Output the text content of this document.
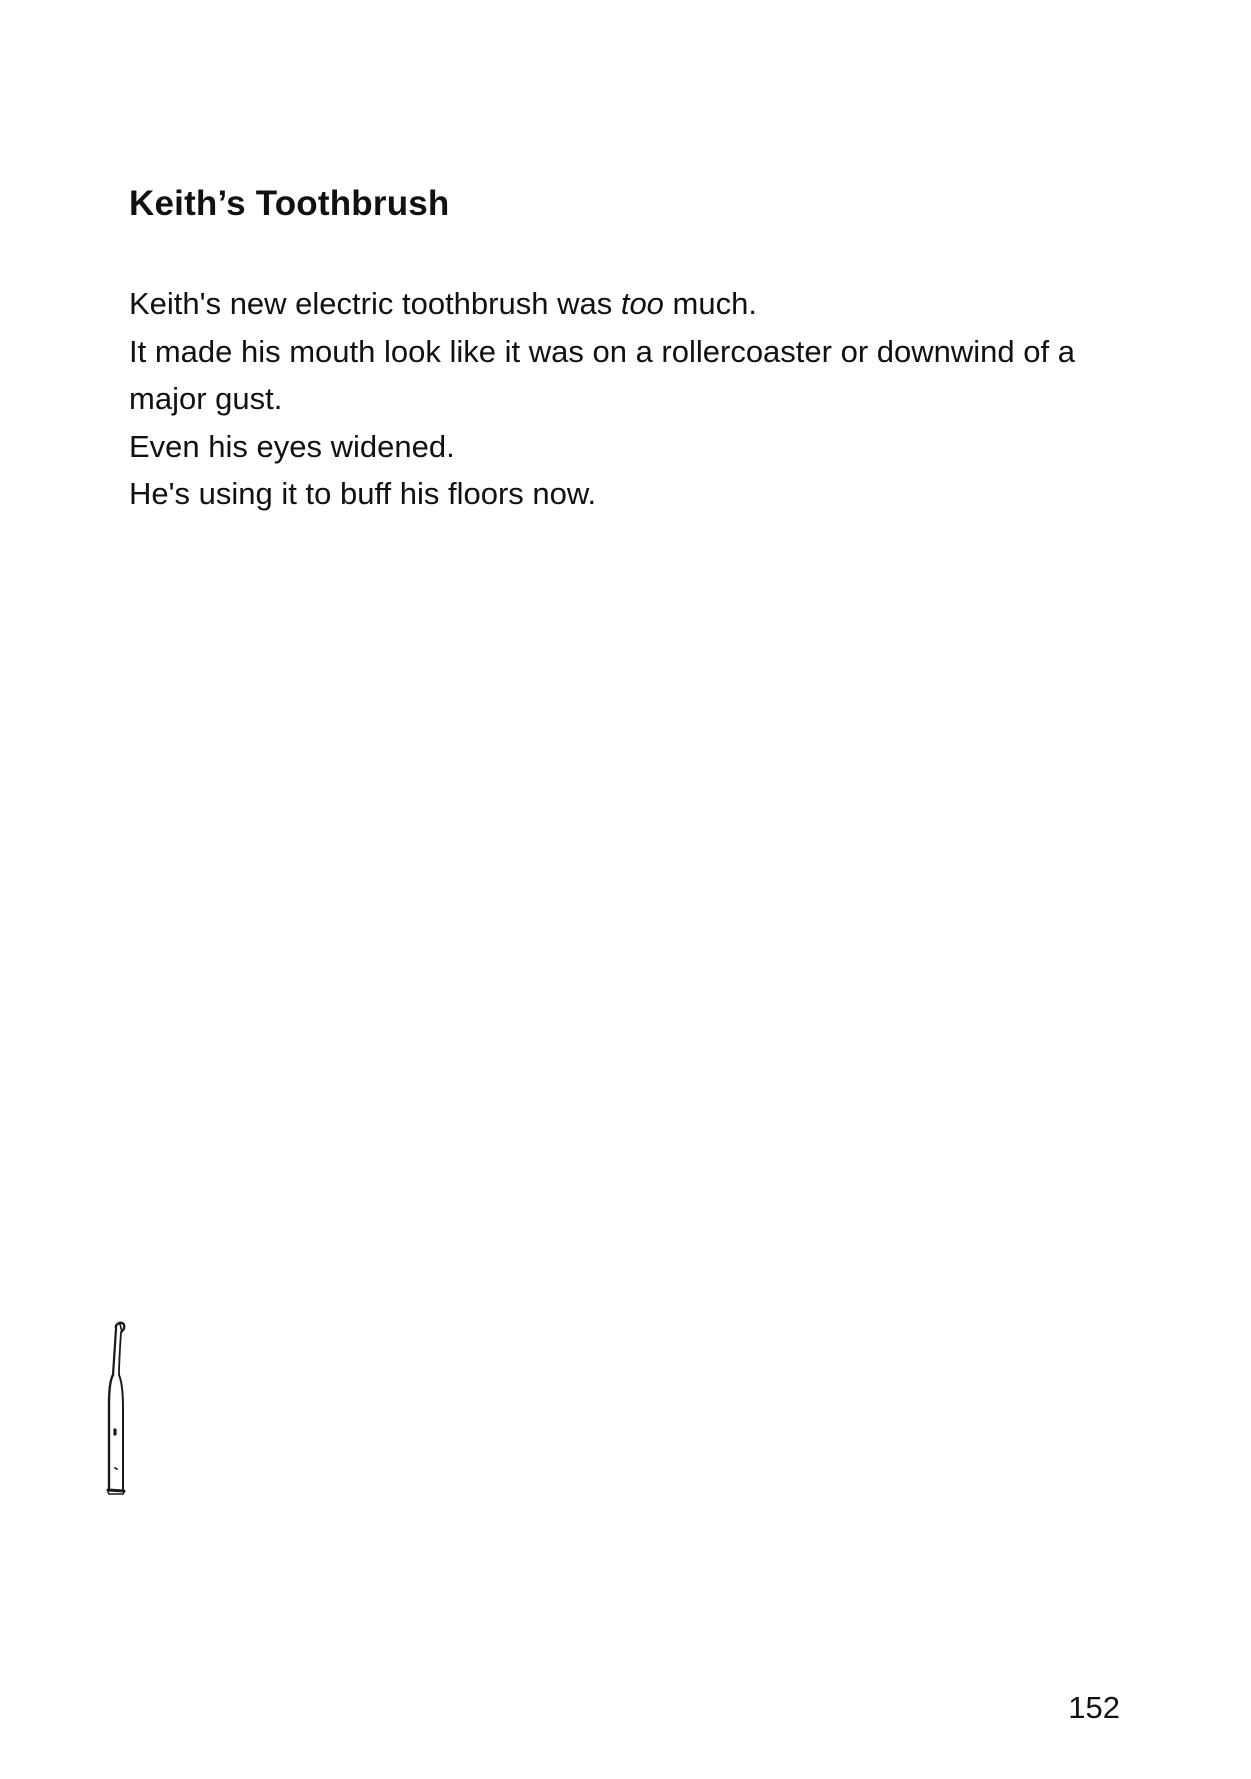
Keith’s Toothbrush

Keith's new electric toothbrush was too much.

It made his mouth look like it was on a rollercoaster or downwind of a major gust.

Even his eyes widened.

He's using it to buff his floors now.

152
